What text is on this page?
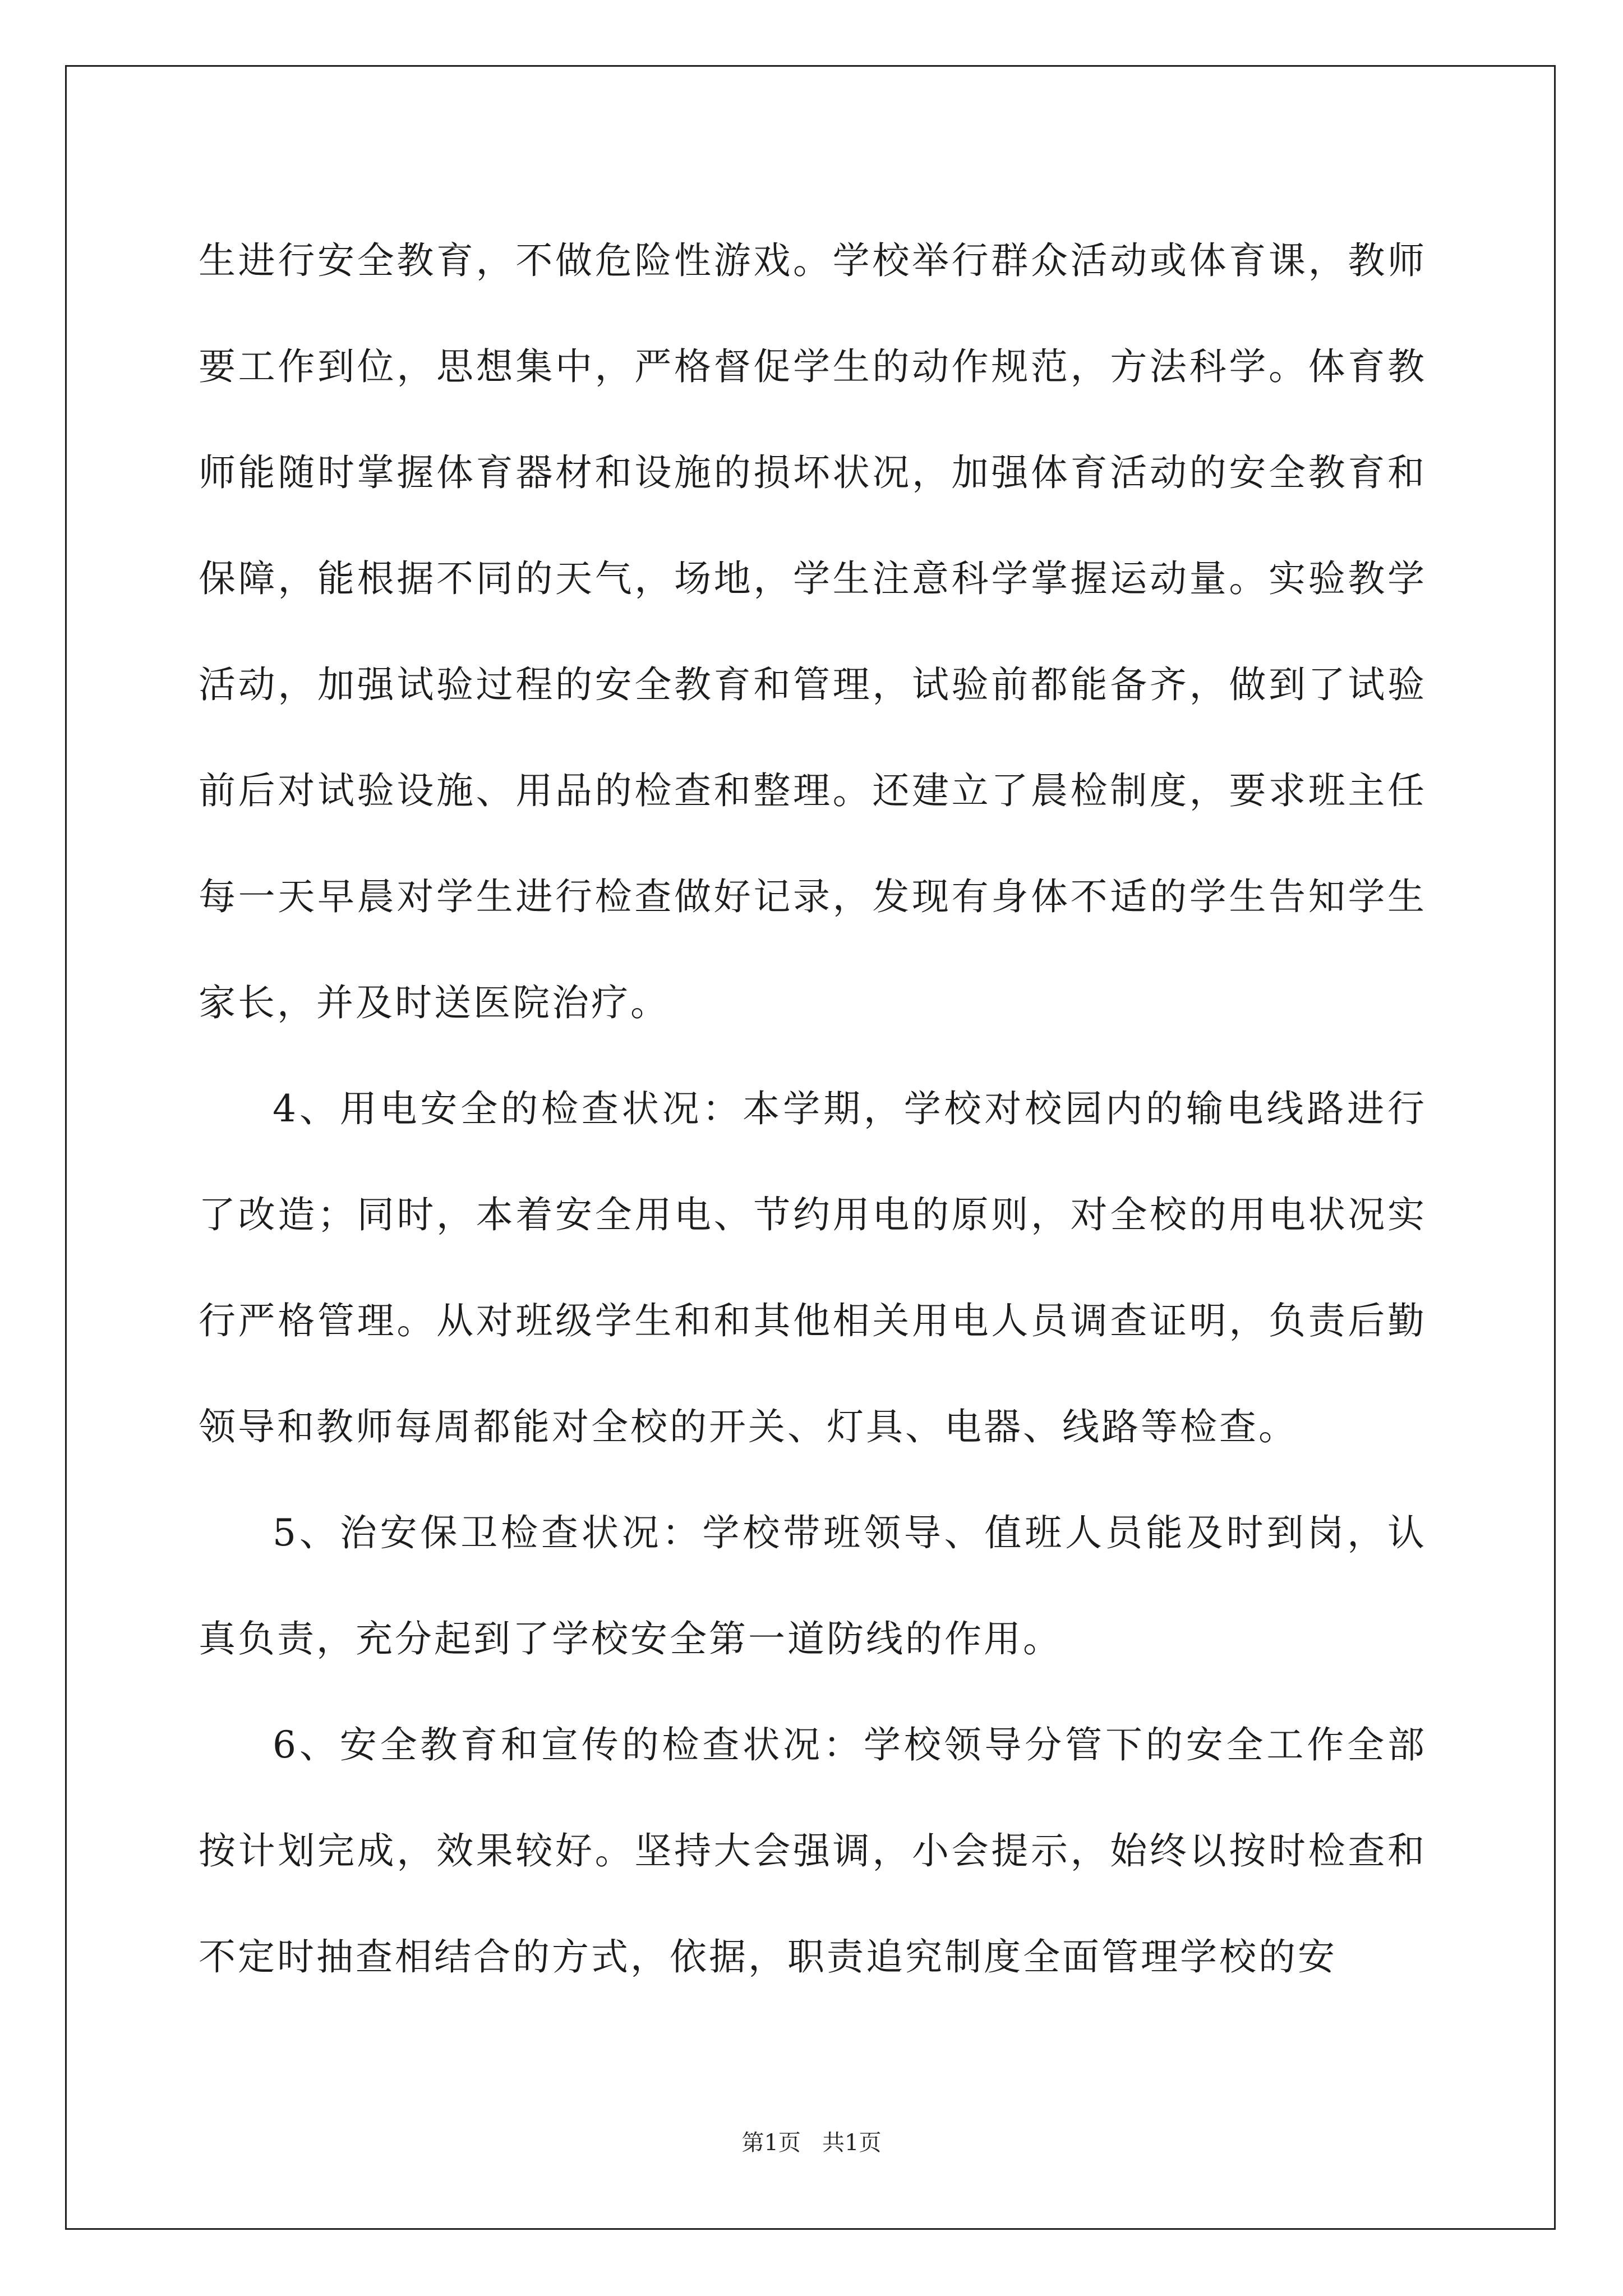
生进行安全教育，不做危险性游戏。学校举行群众活动或体育课，教师要工作到位，思想集中，严格督促学生的动作规范，方法科学。体育教师能随时掌握体育器材和设施的损坏状况，加强体育活动的安全教育和保障，能根据不同的天气，场地，学生注意科学掌握运动量。实验教学活动，加强试验过程的安全教育和管理，试验前都能备齐，做到了试验前后对试验设施、用品的检查和整理。还建立了晨检制度，要求班主任每一天早晨对学生进行检查做好记录，发现有身体不适的学生告知学生家长，并及时送医院治疗。

4、用电安全的检查状况：本学期，学校对校园内的输电线路进行了改造；同时，本着安全用电、节约用电的原则，对全校的用电状况实行严格管理。从对班级学生和和其他相关用电人员调查证明，负责后勤领导和教师每周都能对全校的开关、灯具、电器、线路等检查。

5、治安保卫检查状况：学校带班领导、值班人员能及时到岗，认真负责，充分起到了学校安全第一道防线的作用。

6、安全教育和宣传的检查状况：学校领导分管下的安全工作全部按计划完成，效果较好。坚持大会强调，小会提示，始终以按时检查和不定时抽查相结合的方式，依据，职责追究制度全面管理学校的安

第1页   共1页
